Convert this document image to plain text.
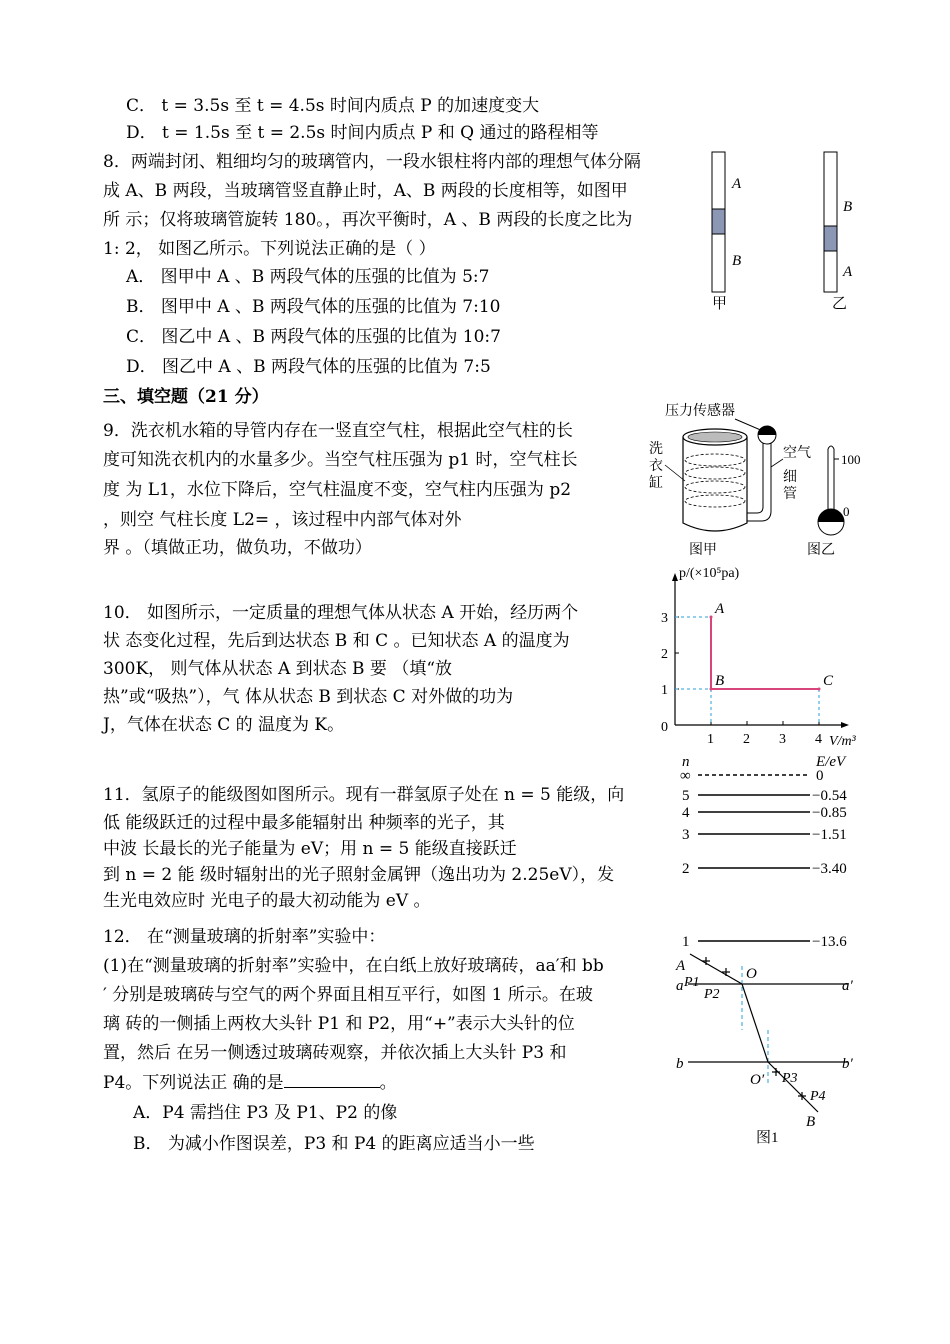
C． t = 3.5s 至 t = 4.5s 时间内质点 P 的加速度变大
D． t = 1.5s 至 t = 2.5s 时间内质点 P 和 Q 通过的路程相等
8．两端封闭、粗细均匀的玻璃管内，一段水银柱将内部的理想气体分隔
成 A、B 两段，当玻璃管竖直静止时，A、B 两段的长度相等，如图甲
所 示；仅将玻璃管旋转 180。，再次平衡时，A 、B 两段的长度之比为
1: 2， 如图乙所示。下列说法正确的是（ ）
A． 图甲中 A 、B 两段气体的压强的比值为 5:7
B． 图甲中 A 、B 两段气体的压强的比值为 7:10
C． 图乙中 A 、B 两段气体的压强的比值为 10:7
D． 图乙中 A 、B 两段气体的压强的比值为 7:5
A
B
甲
B
A
乙
三、填空题（21 分）
9．洗衣机水箱的导管内存在一竖直空气柱，根据此空气柱的长
度可知洗衣机内的水量多少。当空气柱压强为 p1 时，空气柱长
度 为 L1，水位下降后，空气柱温度不变，空气柱内压强为 p2
，则空 气柱长度 L2= ，该过程中内部气体对外
界 。（填做正功，做负功，不做功）
压力传感器
洗
衣
缸
空气
细
管
图甲
100
0
图乙
10． 如图所示，一定质量的理想气体从状态 A 开始，经历两个
状 态变化过程，先后到达状态 B 和 C 。已知状态 A 的温度为
300K， 则气体从状态 A 到状态 B 要 （填“放
热”或“吸热”），气 体从状态 B 到状态 C 对外做的功为
J，气体在状态 C 的 温度为 K。
p/(×10⁵pa)
V/m³
0
1 2 3 4
1
2
3
A
B	C
11．氢原子的能级图如图所示。现有一群氢原子处在 n = 5 能级，向
低 能级跃迁的过程中最多能辐射出 种频率的光子，其
中波 长最长的光子能量为 eV；用 n = 5 能级直接跃迁
到 n = 2 能 级时辐射出的光子照射金属钾（逸出功为 2.25eV），发
生光电效应时 光电子的最大初动能为 eV 。
n	E/eV
∞	0
5	−0.54
4	−0.85
3	−1.51
2	−3.40
1	−13.6
12． 在“测量玻璃的折射率”实验中：
(1)在“测量玻璃的折射率”实验中，在白纸上放好玻璃砖，aa′和 bb
′ 分别是玻璃砖与空气的两个界面且相互平行，如图 1 所示。在玻
璃 砖的一侧插上两枚大头针 P1 和 P2，用“+”表示大头针的位
置，然后 在另一侧透过玻璃砖观察，并依次插上大头针 P3 和
P4。下列说法正 确的是	。
A．P4 需挡住 P3 及 P1、P2 的像
B． 为减小作图误差，P3 和 P4 的距离应适当小一些
A
P1
P2
O
a	a′
b	b′
O′ P3
P4
B
图1
